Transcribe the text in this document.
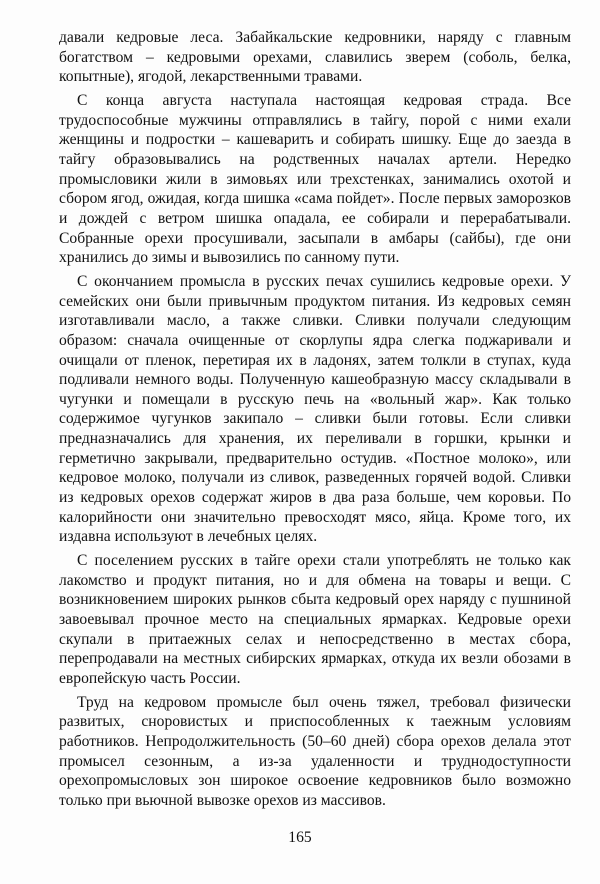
давали кедровые леса. Забайкальские кедровники, наряду с главным богатством – кедровыми орехами, славились зверем (соболь, белка, копытные), ягодой, лекарственными травами.

С конца августа наступала настоящая кедровая страда. Все трудоспособные мужчины отправлялись в тайгу, порой с ними ехали женщины и подростки – кашеварить и собирать шишку. Еще до заезда в тайгу образовывались на родственных началах артели. Нередко промысловики жили в зимовьях или трехстенках, занимались охотой и сбором ягод, ожидая, когда шишка «сама пойдет». После первых заморозков и дождей с ветром шишка опадала, ее собирали и перерабатывали. Собранные орехи просушивали, засыпали в амбары (сайбы), где они хранились до зимы и вывозились по санному пути.

С окончанием промысла в русских печах сушились кедровые орехи. У семейских они были привычным продуктом питания. Из кедровых семян изготавливали масло, а также сливки. Сливки получали следующим образом: сначала очищенные от скорлупы ядра слегка поджаривали и очищали от пленок, перетирая их в ладонях, затем толкли в ступах, куда подливали немного воды. Полученную кашеобразную массу складывали в чугунки и помещали в русскую печь на «вольный жар». Как только содержимое чугунков закипало – сливки были готовы. Если сливки предназначались для хранения, их переливали в горшки, крынки и герметично закрывали, предварительно остудив. «Постное молоко», или кедровое молоко, получали из сливок, разведенных горячей водой. Сливки из кедровых орехов содержат жиров в два раза больше, чем коровьи. По калорийности они значительно превосходят мясо, яйца. Кроме того, их издавна используют в лечебных целях.

С поселением русских в тайге орехи стали употреблять не только как лакомство и продукт питания, но и для обмена на товары и вещи. С возникновением широких рынков сбыта кедровый орех наряду с пушниной завоевывал прочное место на специальных ярмарках. Кедровые орехи скупали в притаежных селах и непосредственно в местах сбора, перепродавали на местных сибирских ярмарках, откуда их везли обозами в европейскую часть России.

Труд на кедровом промысле был очень тяжел, требовал физически развитых, сноровистых и приспособленных к таежным условиям работников. Непродолжительность (50–60 дней) сбора орехов делала этот промысел сезонным, а из-за удаленности и труднодоступности орехопромысловых зон широкое освоение кедровников было возможно только при вьючной вывозке орехов из массивов.

165
